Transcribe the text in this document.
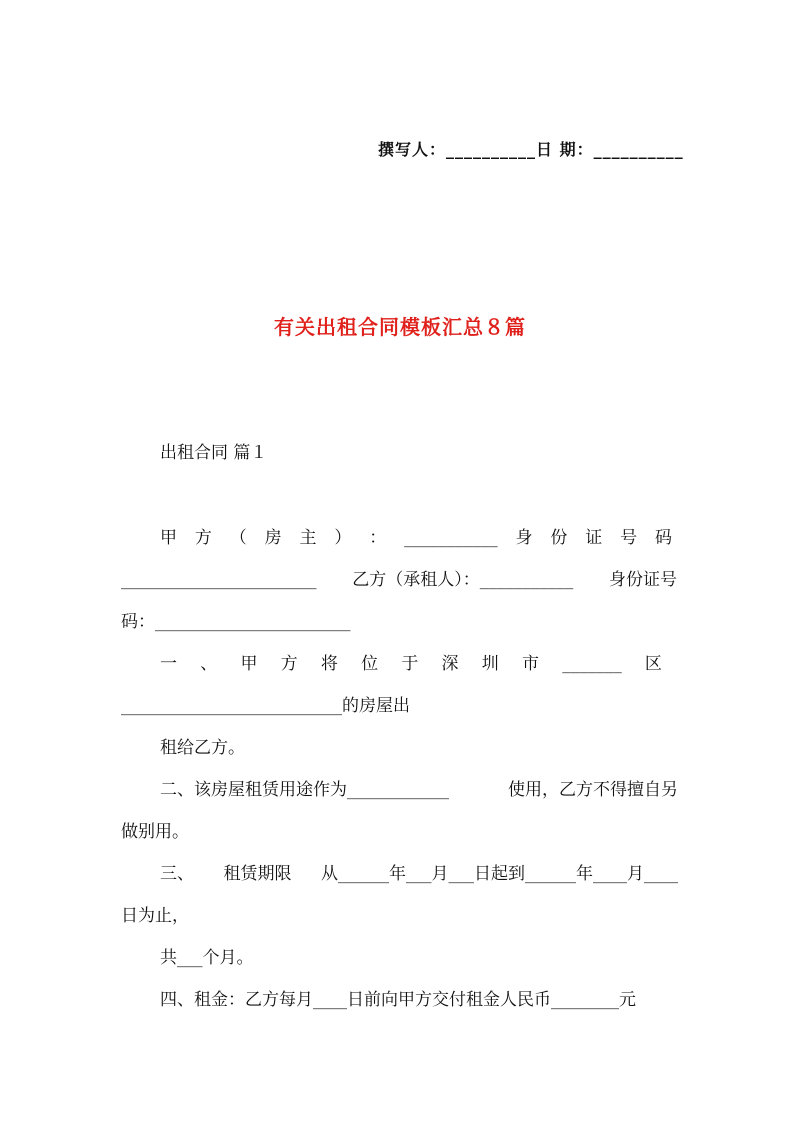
撰写人：__________日 期：__________
有关出租合同模板汇总８篇
出租合同 篇１
甲 方 （ 房 主 ） ： ___________ 身 份 证 号 码
_______________________ 乙方（承租人）：___________ 身份证号
码：_______________________
一 、 甲 方 将 位 于 深 圳 市 _______ 区
__________________________的房屋出
租给乙方。
二、该房屋租赁用途作为____________	使用，乙方不得擅自另
做别用。
三、 租赁期限 从______年___月___日起到______年____月____
日为止，
共___个月。
四、租金：乙方每月____日前向甲方交付租金人民币________元
